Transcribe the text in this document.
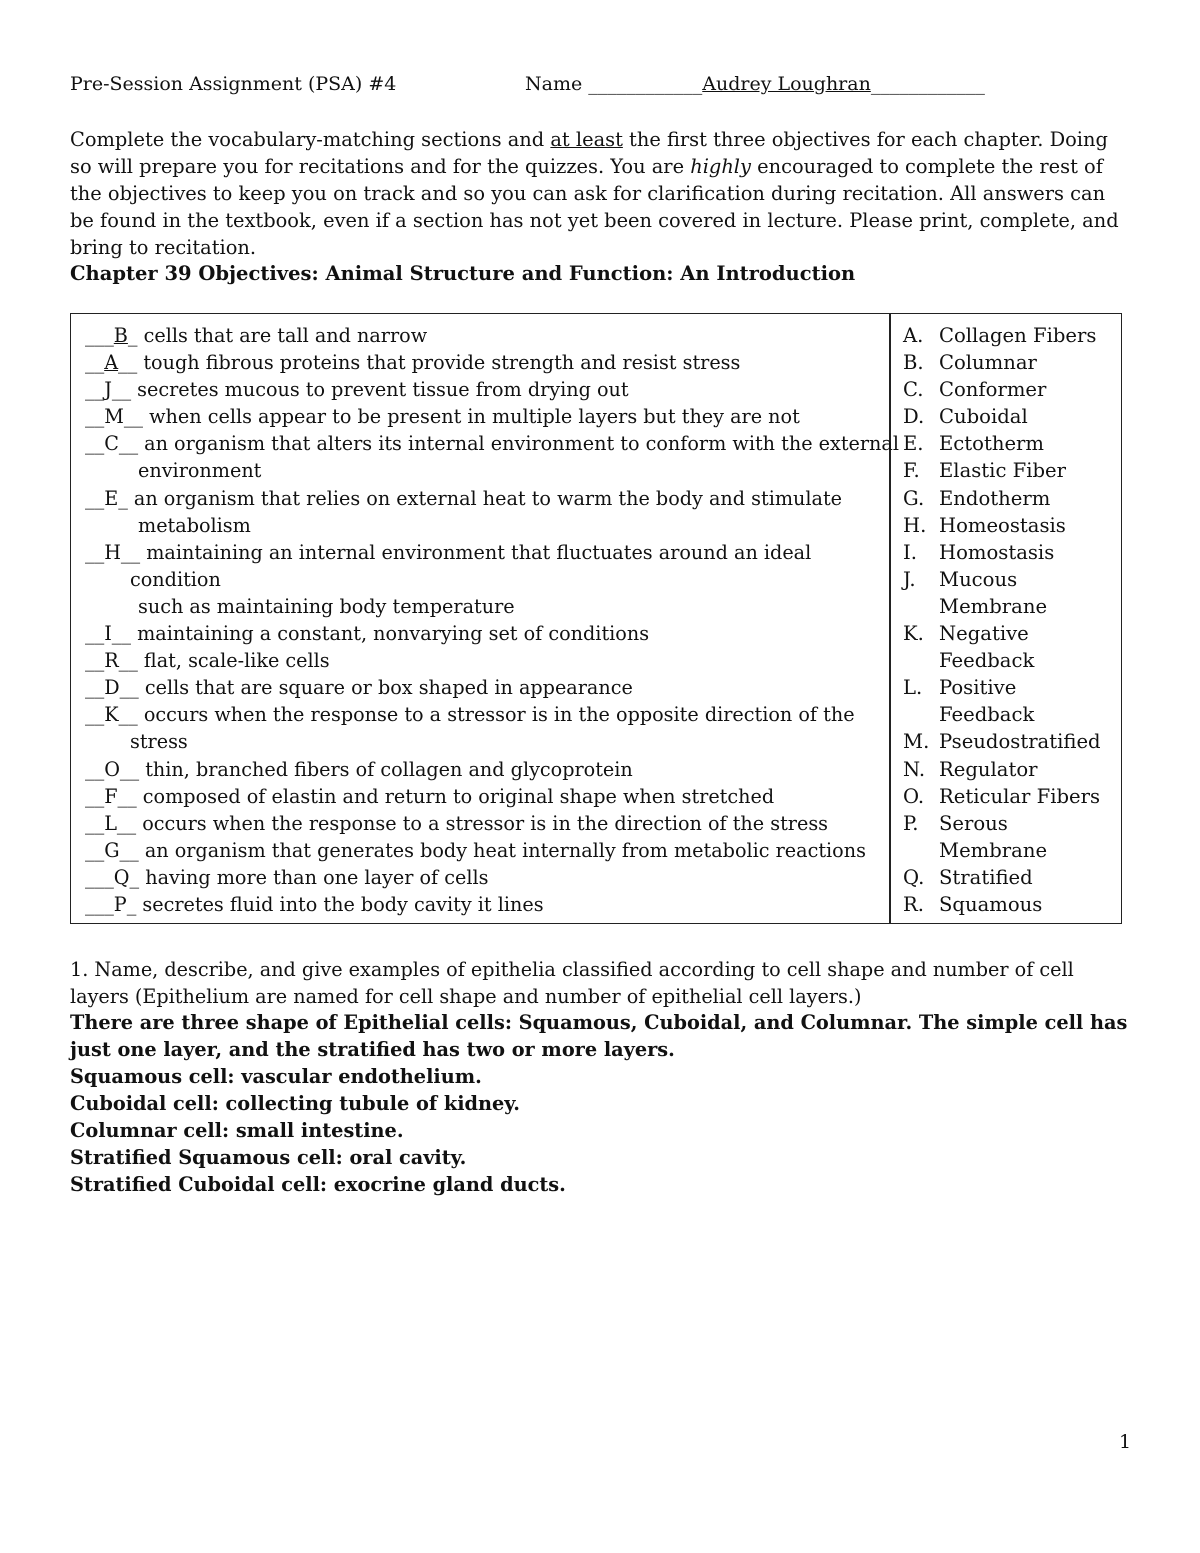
Pre-Session Assignment (PSA) #4	Name ____________Audrey Loughran____________

Complete the vocabulary-matching sections and at least the first three objectives for each chapter. Doing so will prepare you for recitations and for the quizzes. You are highly encouraged to complete the rest of the objectives to keep you on track and so you can ask for clarification during recitation. All answers can be found in the textbook, even if a section has not yet been covered in lecture. Please print, complete, and bring to recitation.

Chapter 39 Objectives: Animal Structure and Function: An Introduction
___B_ cells that are tall and narrow
__A__ tough fibrous proteins that provide strength and resist stress
__J__ secretes mucous to prevent tissue from drying out
__M__ when cells appear to be present in multiple layers but they are not
__C__ an organism that alters its internal environment to conform with the external
environment
__E_ an organism that relies on external heat to warm the body and stimulate
metabolism
__H__ maintaining an internal environment that fluctuates around an ideal
condition
such as maintaining body temperature
__I__ maintaining a constant, nonvarying set of conditions
__R__ flat, scale-like cells
__D__ cells that are square or box shaped in appearance
__K__ occurs when the response to a stressor is in the opposite direction of the
stress
__O__ thin, branched fibers of collagen and glycoprotein
__F__ composed of elastin and return to original shape when stretched
__L__ occurs when the response to a stressor is in the direction of the stress
__G__ an organism that generates body heat internally from metabolic reactions
___Q_ having more than one layer of cells
___P_ secretes fluid into the body cavity it lines
A. Collagen Fibers
B. Columnar
C. Conformer
D. Cuboidal
E. Ectotherm
F. Elastic Fiber
G. Endotherm
H. Homeostasis
I.	Homostasis
J.	Mucous
Membrane
K. Negative
Feedback
L. Positive
Feedback
M. Pseudostratified
N. Regulator
O. Reticular Fibers
P.	Serous
Membrane
Q. Stratified
R. Squamous

1. Name, describe, and give examples of epithelia classified according to cell shape and number of cell layers (Epithelium are named for cell shape and number of epithelial cell layers.)

There are three shape of Epithelial cells: Squamous, Cuboidal, and Columnar. The simple cell has just one layer, and the stratified has two or more layers.

Squamous cell: vascular endothelium.

Cuboidal cell: collecting tubule of kidney.

Columnar cell: small intestine.

Stratified Squamous cell: oral cavity.

Stratified Cuboidal cell: exocrine gland ducts.

1
